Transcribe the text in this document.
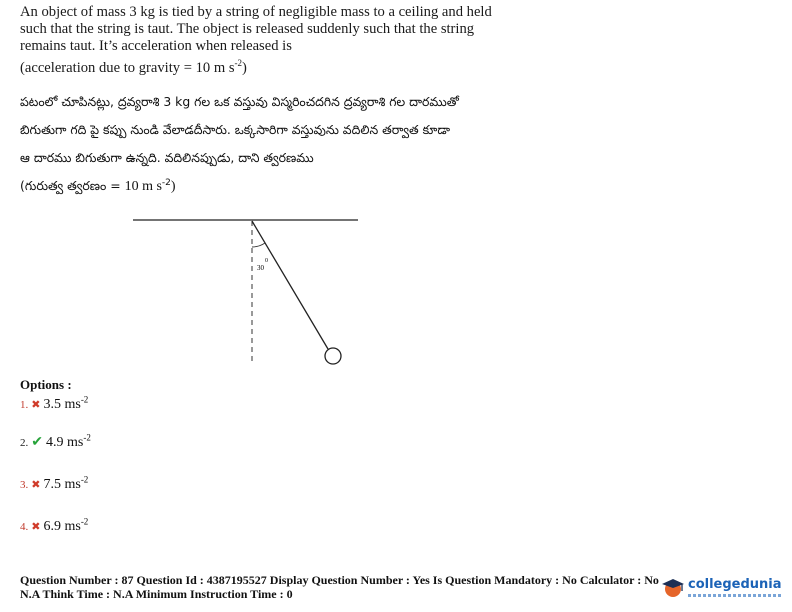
An object of mass 3 kg is tied by a string of negligible mass to a ceiling and held

such that the string is taut. The object is released suddenly such that the string

remains taut. It’s acceleration when released is

(acceleration due to gravity = 10 m $s^{-2}$)

పటంలో చూపినట్లు, ద్రవ్యరాశి 3 kg గల ఒక వస్తువు విస్మరించదగిన ద్రవ్యరాశి గల దారముతో
బిగుతుగా గది పై కప్పు నుండి వేలాడదీసారు. ఒక్కసారిగా వస్తువును వదిలిన తర్వాత కూడా
ఆ దారము బిగుతుగా ఉన్నది. వదిలినప్పుడు, దాని త్వరణము
(గురుత్వ త్వరణం = 10 m $s^{-2}$)
30
0
Options :
1. ✖ 3.5 $ms^{-2}$
2. ✔ 4.9 $ms^{-2}$
3. ✖ 7.5 $ms^{-2}$
4. ✖ 6.9 $ms^{-2}$
Question Number : 87 Question Id : 4387195527 Display Question Number : Yes Is Question Mandatory : No Calculator : No
N.A Think Time : N.A Minimum Instruction Time : 0
collegedunia
